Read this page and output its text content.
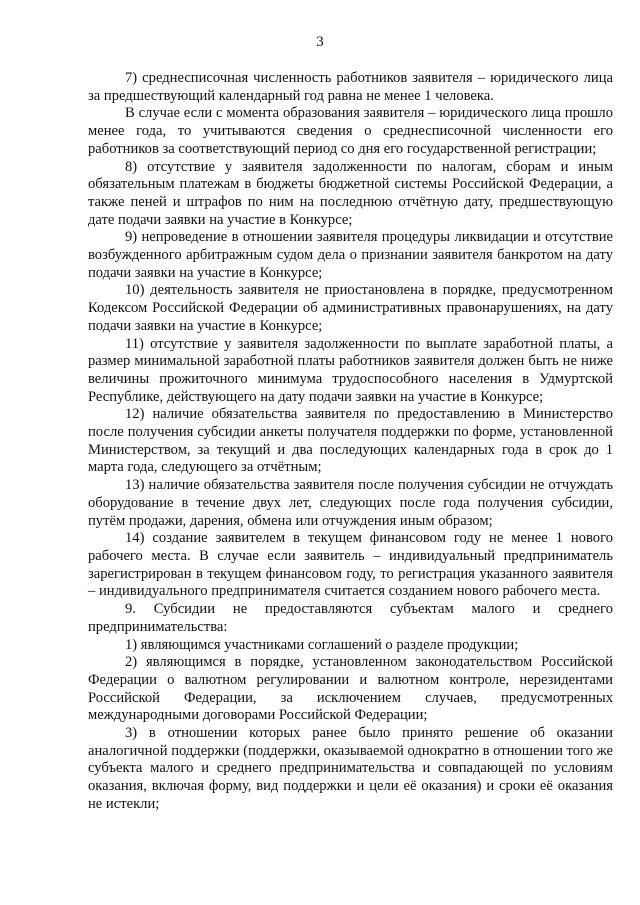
3

7) среднесписочная численность работников заявителя – юридического лица за предшествующий календарный год равна не менее 1 человека.

В случае если с момента образования заявителя – юридического лица прошло менее года, то учитываются сведения о среднесписочной численности его работников за соответствующий период со дня его государственной регистрации;

8) отсутствие у заявителя задолженности по налогам, сборам и иным обязательным платежам в бюджеты бюджетной системы Российской Федерации, а также пеней и штрафов по ним на последнюю отчётную дату, предшествующую дате подачи заявки на участие в Конкурсе;

9) непроведение в отношении заявителя процедуры ликвидации и отсутствие возбужденного арбитражным судом дела о признании заявителя банкротом на дату подачи заявки на участие в Конкурсе;

10) деятельность заявителя не приостановлена в порядке, предусмотренном Кодексом Российской Федерации об административных правонарушениях, на дату подачи заявки на участие в Конкурсе;

11) отсутствие у заявителя задолженности по выплате заработной платы, а размер минимальной заработной платы работников заявителя должен быть не ниже величины прожиточного минимума трудоспособного населения в Удмуртской Республике, действующего на дату подачи заявки на участие в Конкурсе;

12) наличие обязательства заявителя по предоставлению в Министерство после получения субсидии анкеты получателя поддержки по форме, установленной Министерством, за текущий и два последующих календарных года в срок до 1 марта года, следующего за отчётным;

13) наличие обязательства заявителя после получения субсидии не отчуждать оборудование в течение двух лет, следующих после года получения субсидии, путём продажи, дарения, обмена или отчуждения иным образом;

14) создание заявителем в текущем финансовом году не менее 1 нового рабочего места. В случае если заявитель – индивидуальный предприниматель зарегистрирован в текущем финансовом году, то регистрация указанного заявителя – индивидуального предпринимателя считается созданием нового рабочего места.

9. Субсидии не предоставляются субъектам малого и среднего предпринимательства:

1) являющимся участниками соглашений о разделе продукции;

2) являющимся в порядке, установленном законодательством Российской Федерации о валютном регулировании и валютном контроле, нерезидентами Российской Федерации, за исключением случаев, предусмотренных международными договорами Российской Федерации;

3) в отношении которых ранее было принято решение об оказании аналогичной поддержки (поддержки, оказываемой однократно в отношении того же субъекта малого и среднего предпринимательства и совпадающей по условиям оказания, включая форму, вид поддержки и цели её оказания) и сроки её оказания не истекли;
